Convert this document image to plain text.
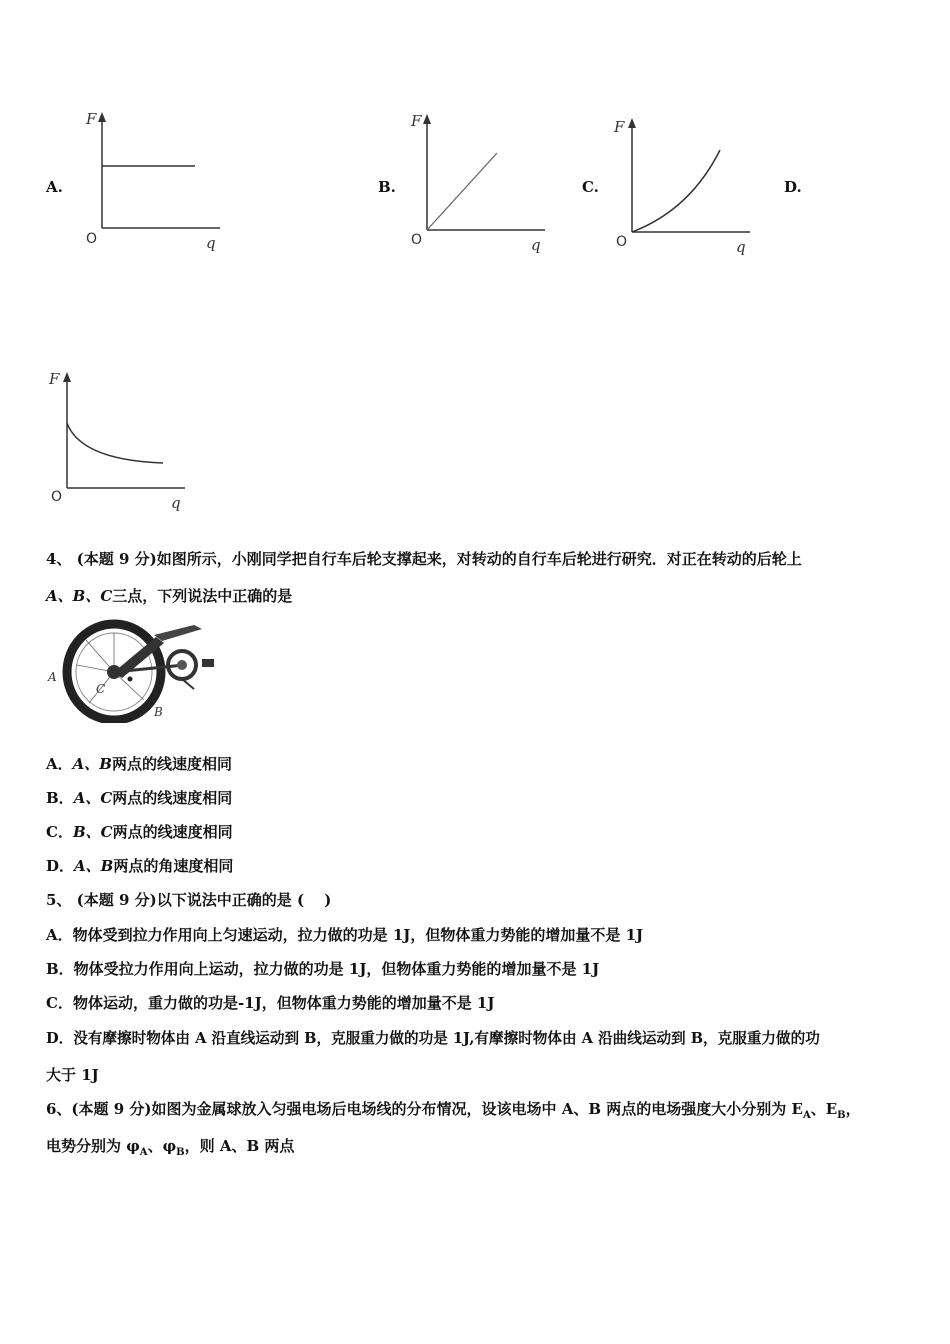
A.
F
O	q
B.
F
O	q
C.
F
O	q
D.
F
O	q
4、 (本题 9 分)如图所示，小刚同学把自行车后轮支撑起来，对转动的自行车后轮进行研究．对正在转动的后轮上
A、B、C三点，下列说法中正确的是
A
C
B
A．A、B两点的线速度相同
B．A、C两点的线速度相同
C．B、C两点的线速度相同
D．A、B两点的角速度相同
5、 (本题 9 分)以下说法中正确的是 (　 )
A．物体受到拉力作用向上匀速运动，拉力做的功是 1J，但物体重力势能的增加量不是 1J
B．物体受拉力作用向上运动，拉力做的功是 1J，但物体重力势能的增加量不是 1J
C．物体运动，重力做的功是-1J，但物体重力势能的增加量不是 1J
D．没有摩擦时物体由 A 沿直线运动到 B，克服重力做的功是 1J,有摩擦时物体由 A 沿曲线运动到 B，克服重力做的功
大于 1J
6、(本题 9 分)如图为金属球放入匀强电场后电场线的分布情况，设该电场中 A、B 两点的电场强度大小分别为 $E_A$、$E_B$，
电势分别为 $\varphi_A$、$\varphi_B$，则 A、B 两点
